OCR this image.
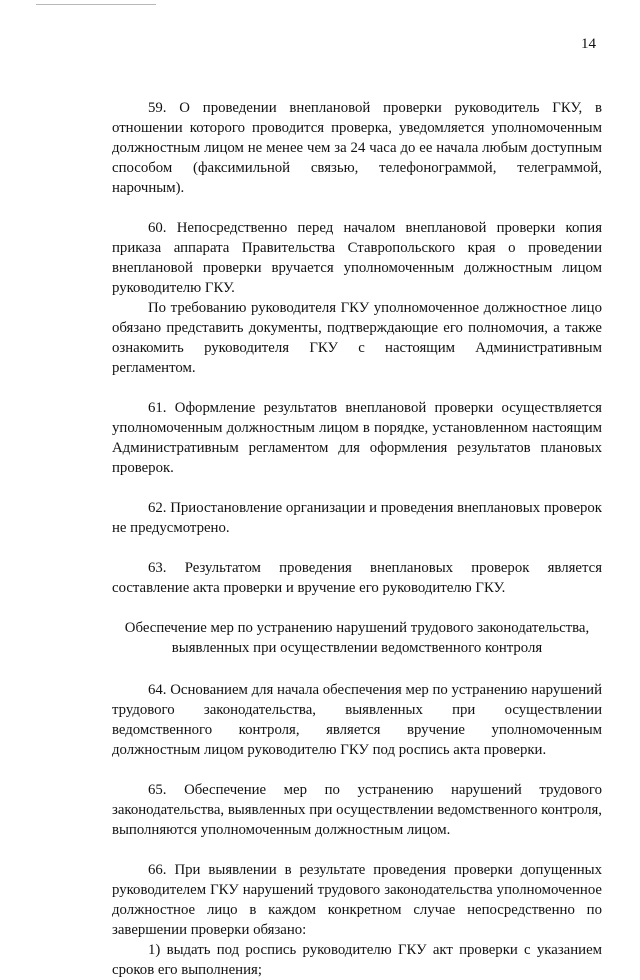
14

59. О проведении внеплановой проверки руководитель ГКУ, в отношении которого проводится проверка, уведомляется уполномоченным должностным лицом не менее чем за 24 часа до ее начала любым доступным способом (факсимильной связью, телефонограммой, телеграммой, нарочным).

60. Непосредственно перед началом внеплановой проверки копия приказа аппарата Правительства Ставропольского края о проведении внеплановой проверки вручается уполномоченным должностным лицом руководителю ГКУ.

По требованию руководителя ГКУ уполномоченное должностное лицо обязано представить документы, подтверждающие его полномочия, а также ознакомить руководителя ГКУ с настоящим Административным регламентом.

61. Оформление результатов внеплановой проверки осуществляется уполномоченным должностным лицом в порядке, установленном настоящим Административным регламентом для оформления результатов плановых проверок.

62. Приостановление организации и проведения внеплановых проверок не предусмотрено.

63. Результатом проведения внеплановых проверок является составление акта проверки и вручение его руководителю ГКУ.

Обеспечение мер по устранению нарушений трудового законодательства, выявленных при осуществлении ведомственного контроля

64. Основанием для начала обеспечения мер по устранению нарушений трудового законодательства, выявленных при осуществлении ведомственного контроля, является вручение уполномоченным должностным лицом руководителю ГКУ под роспись акта проверки.

65. Обеспечение мер по устранению нарушений трудового законодательства, выявленных при осуществлении ведомственного контроля, выполняются уполномоченным должностным лицом.

66. При выявлении в результате проведения проверки допущенных руководителем ГКУ нарушений трудового законодательства уполномоченное должностное лицо в каждом конкретном случае непосредственно по завершении проверки обязано:

1) выдать под роспись руководителю ГКУ акт проверки с указанием сроков его выполнения;
